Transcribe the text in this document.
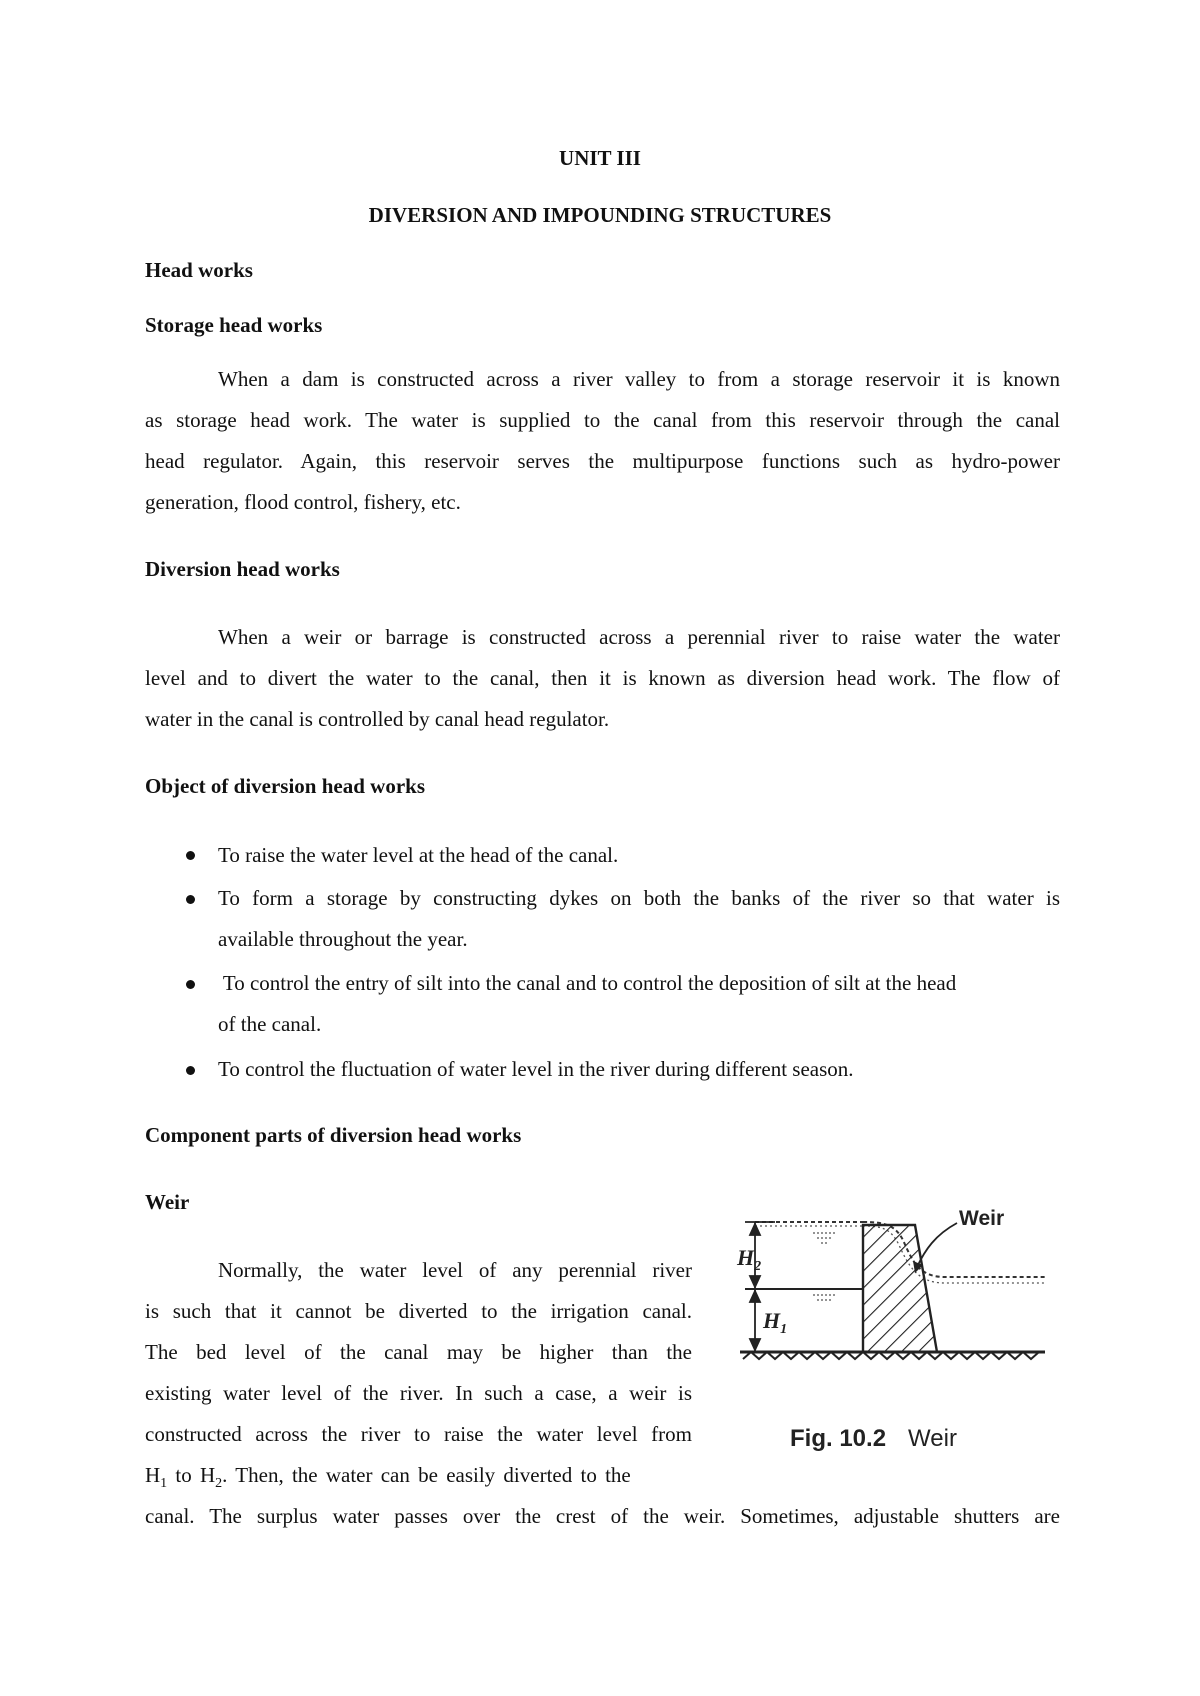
UNIT III
DIVERSION AND IMPOUNDING STRUCTURES
Head works
Storage head works
When a dam is constructed across a river valley to from a storage reservoir it is known
as storage head work. The water is supplied to the canal from this reservoir through the canal
head regulator. Again, this reservoir serves the multipurpose functions such as hydro-power
generation, flood control, fishery, etc.
Diversion head works
When a weir or barrage is constructed across a perennial river to raise water the water
level and to divert the water to the canal, then it is known as diversion head work. The flow of
water in the canal is controlled by canal head regulator.
Object of diversion head works
To raise the water level at the head of the canal.
To form a storage by constructing dykes on both the banks of the river so that water is
available throughout the year.
To control the entry of silt into the canal and to control the deposition of silt at the head
of the canal.
To control the fluctuation of water level in the river during different season.
Component parts of diversion head works
Weir
Normally, the water level of any perennial river
is such that it cannot be diverted to the irrigation canal.
The bed level of the canal may be higher than the
existing water level of the river. In such a case, a weir is
constructed across the river to raise the water level from
$H_1$ to $H_2$. Then, the water can be easily diverted to the
canal. The surplus water passes over the crest of the weir. Sometimes, adjustable shutters are
$H_2$
$H_1$
Weir
Fig. 10.2 Weir
